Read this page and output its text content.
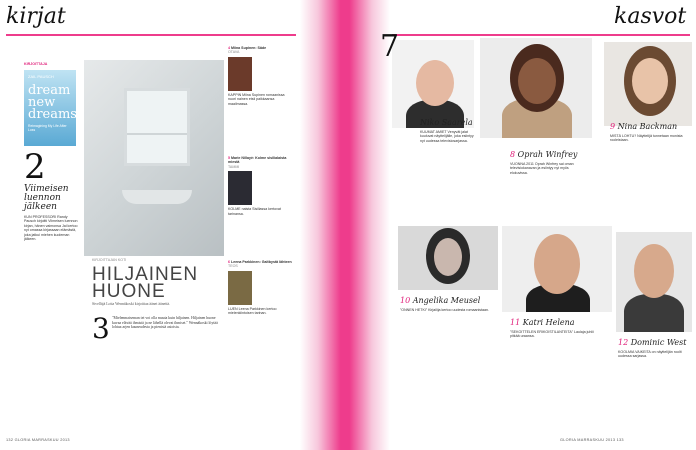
kirjat
KIRJOITTAJA
ZAIL PAUSCH
dream new dreams
Reimagining My Life After Loss
2
Viimeisen luennon jälkeen
KUN PROFESSORI Randy Pausch kirjoitti Viimeisen luennon kirjan, hänen vaimonsa Jai kertoo nyt omassa kirjassaan elämästä, joka jatkui miehen kuoleman jälkeen.
KIRJOITTAJAN KOTI
HILJAINEN
HUONE
Sivelläjä Lotta Wennäkoski kirjoittaa äänet äänettä.
3 "Mielenmaiseman tei voi olla muuta kuin hiljainen. Hiljainen huone kuvaa elävää ihmistä ja ne lähellä olevat ihmiset." Wennäkoski löytää lohtua arjen kauneudesta ja pienistä asioista.
4 Miina Supinen: Säde
OTAVA
KAPPIN Miina Supinen romaanissa nuori nainen etsii paikkaansa maailmassa.
5 Marie Nillayè: Kolme sisilialaista miestä
TAMMI
KOLME naista Sisiliassa kertovat tarinansa.
6 Leena Parkkinen: Galtbystä lähteen
TEOS
LUEN Leena Parkkinen kertoo mielenkiintoisen tarinan.
132 GLORIA MARRASKUU 2013
kasvot
7
Niko Saarela
KUUMAT AMIET Venyvät jalat kuuluvat näyttelijälle, joka esiintyy nyt uudessa televisiosarjassa.
8 Oprah Winfrey
VUONNA 2011 Oprah Winfrey sai oman televisiokanavan ja esiintyy nyt myös elokuvissa.
9 Nina Backman
MISTÄ LOHTU? Näyttelijä tunnetaan monista rooleistaan.
10 Angelika Meusel
"ONNEN HETKI" Kirjailija kertoo uudesta romaanistaan.
11 Katri Helena
"SEKOITTELEN ERIKOISTILANTEITA" Laulaja juhlii pitkää uraansa.
12 Dominic West
KOOLMIA VAIKEITA on näyttelijän roolit uudessa sarjassa.
GLORIA MARRASKUU 2013 133
